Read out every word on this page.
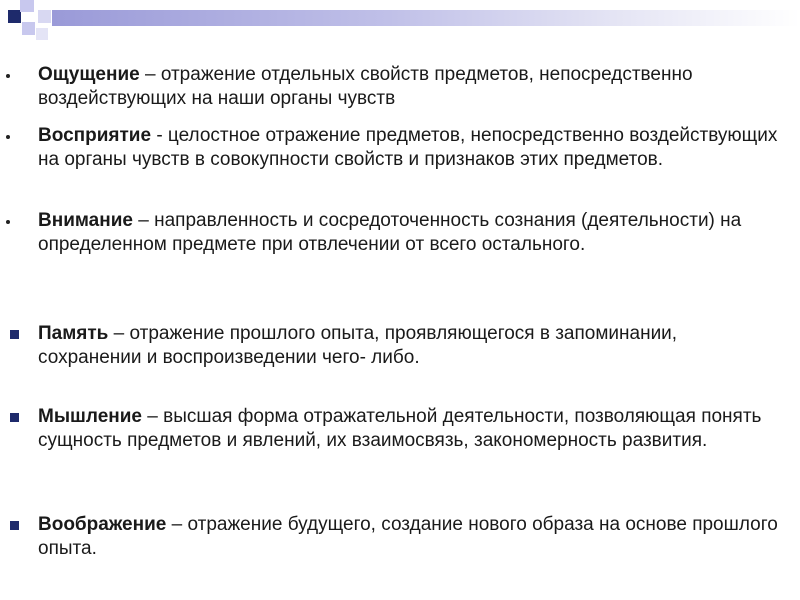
Ощущение – отражение отдельных свойств предметов, непосредственно воздействующих на наши органы чувств
Восприятие - целостное отражение предметов, непосредственно воздействующих на органы чувств в совокупности свойств и признаков этих предметов.
Внимание – направленность и сосредоточенность сознания (деятельности) на определенном предмете при отвлечении от всего остального.
Память – отражение прошлого опыта, проявляющегося в запоминании, сохранении и воспроизведении чего- либо.
Мышление – высшая форма отражательной деятельности, позволяющая понять сущность предметов и явлений, их взаимосвязь, закономерность развития.
Воображение – отражение будущего, создание нового образа на основе прошлого опыта.
